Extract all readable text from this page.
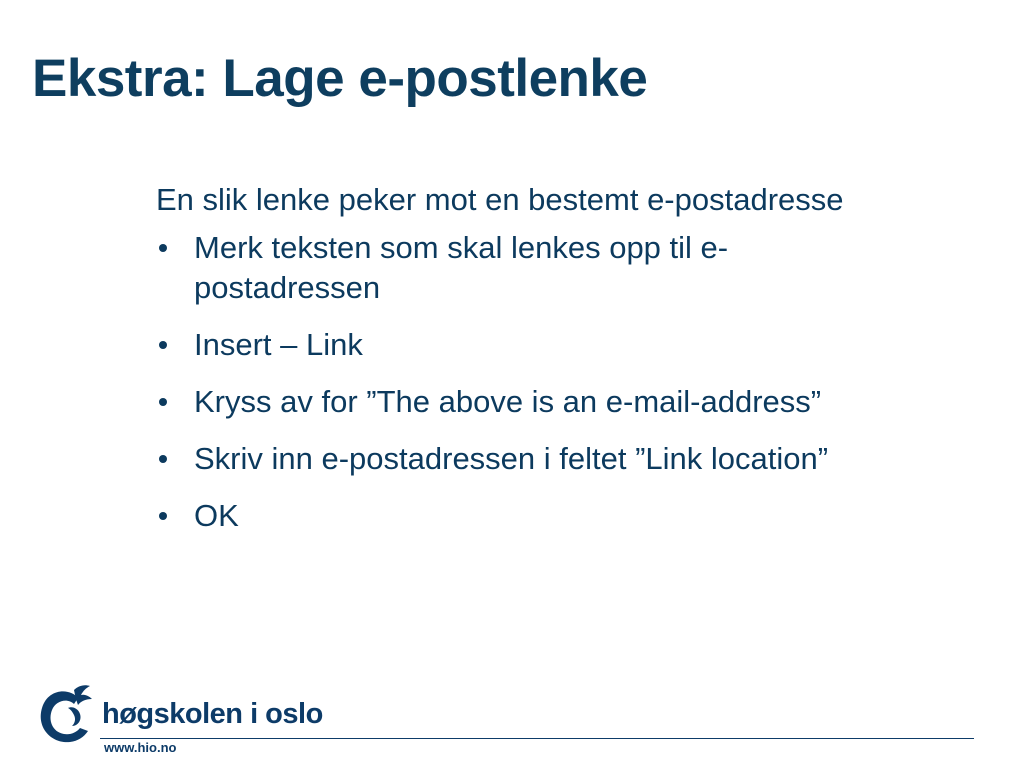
Ekstra: Lage e-postlenke

En slik lenke peker mot en bestemt e-postadresse

Merk teksten som skal lenkes opp til e-postadressen
Insert – Link
Kryss av for ”The above is an e-mail-address”
Skriv inn e-postadressen i feltet ”Link location”
OK
høgskolen i oslo
www.hio.no
